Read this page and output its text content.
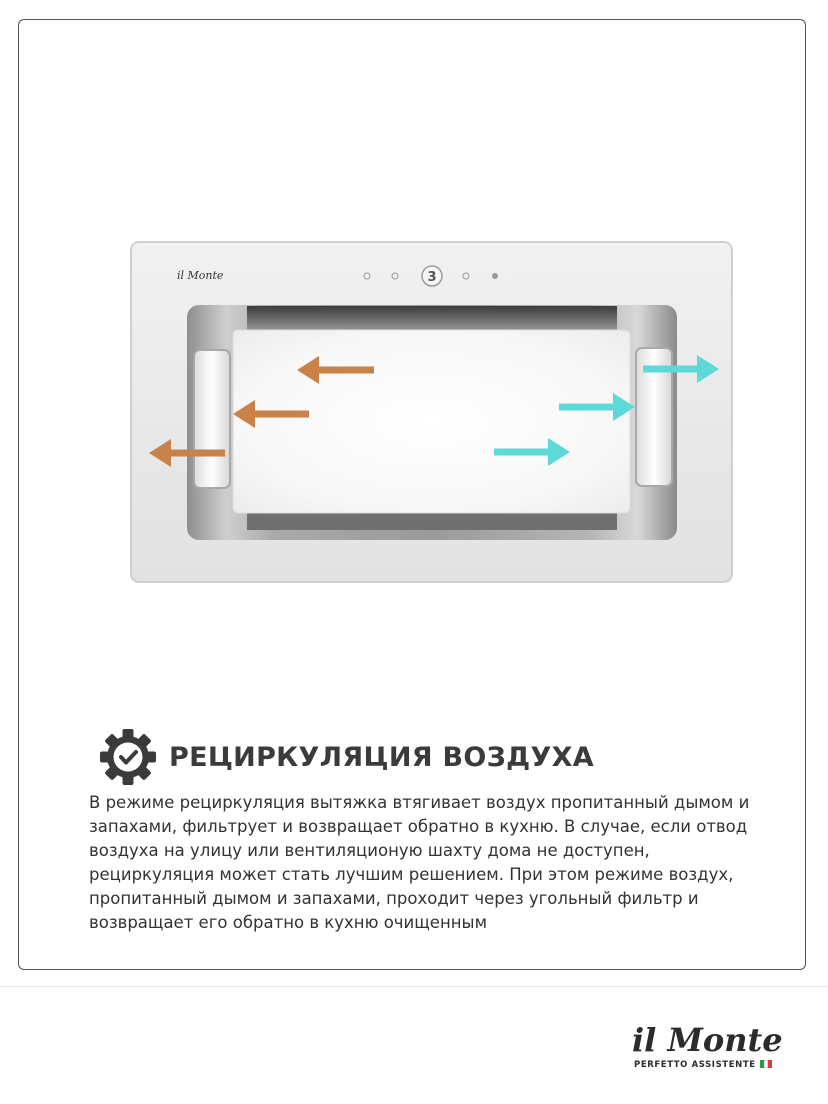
il Monte	3
РЕЦИРКУЛЯЦИЯ ВОЗДУХА

В режиме рециркуляция вытяжка втягивает воздух пропитанный дымом и
запахами, фильтрует и возвращает обратно в кухню. В случае, если отвод
воздуха на улицу или вентиляционую шахту дома не доступен,
рециркуляция может стать лучшим решением. При этом режиме воздух,
пропитанный дымом и запахами, проходит через угольный фильтр и
возвращает его обратно в кухню очищенным

il Monte
PERFETTO ASSISTENTE
